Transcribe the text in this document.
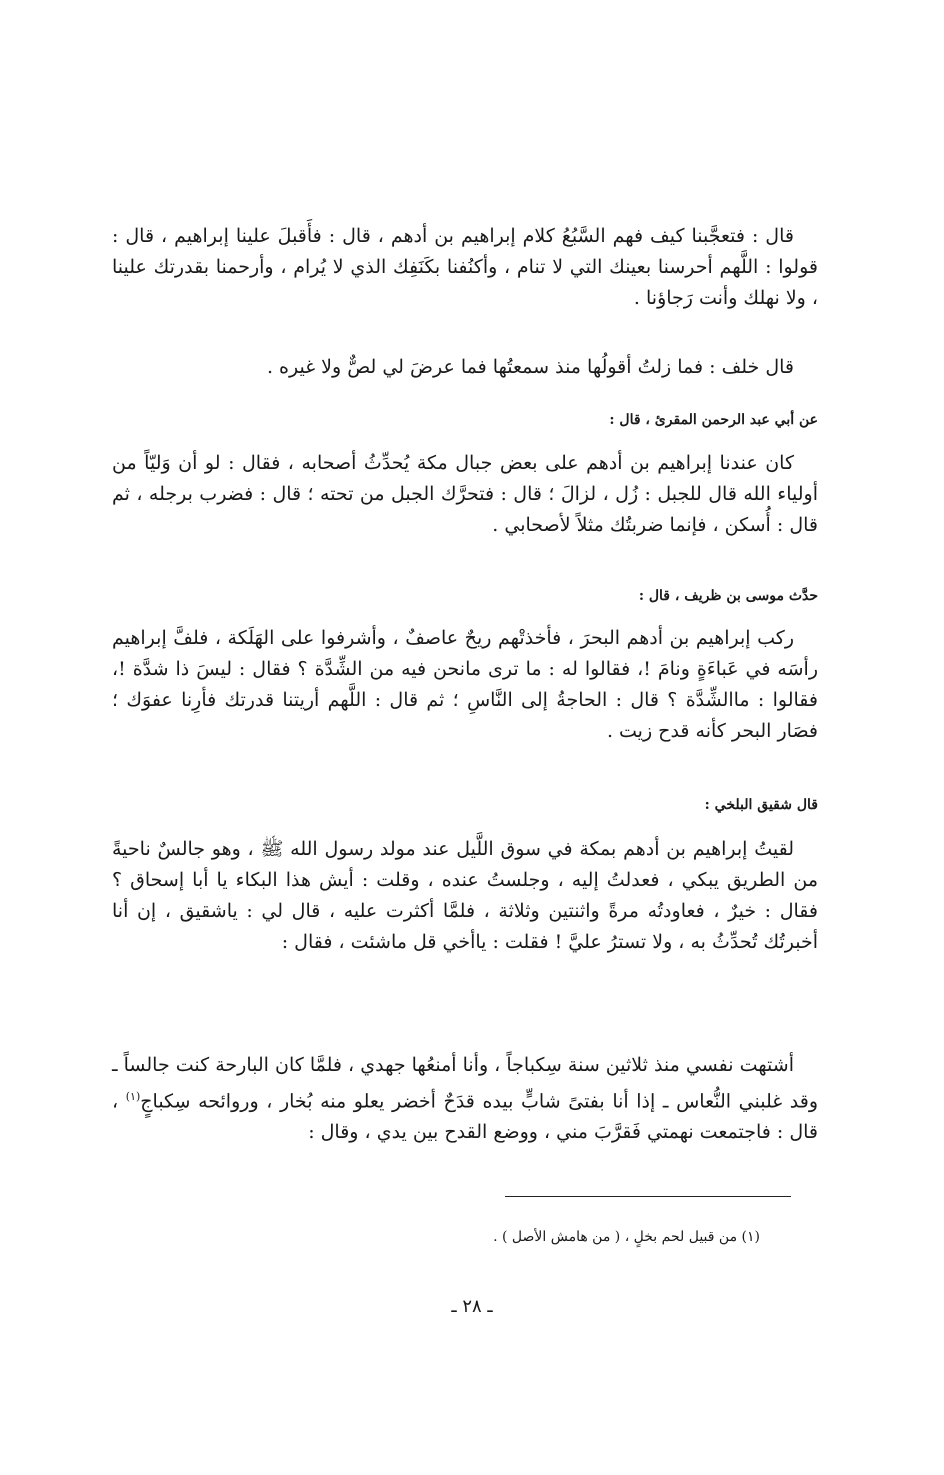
قال : فتعجَّبنا كيف فهم السَّبُعُ كلام إبراهيم بن أدهم ، قال : فأَقبلَ علينا إبراهيم ، قال : قولوا : اللَّهم أحرسنا بعينك التي لا تنام ، وأكنُفنا بكَنَفِك الذي لا يُرام ، وأرحمنا بقدرتك علينا ، ولا نهلك وأنت رَجاؤنا .

قال خلف : فما زلتُ أقولُها منذ سمعتُها فما عرضَ لي لصٌّ ولا غيره .

عن أبي عبد الرحمن المقرئ ، قال :

كان عندنا إبراهيم بن أدهم على بعض جبال مكة يُحدِّثُ أصحابه ، فقال : لو أن وَليّاً من أولياء الله قال للجبل : زُل ، لزالَ ؛ قال : فتحرَّك الجبل من تحته ؛ قال : فضرب برجله ، ثم قال : أُسكن ، فإنما ضربتُك مثلاً لأصحابي .

حدَّث موسى بن ظريف ، قال :

ركب إبراهيم بن أدهم البحرَ ، فأخذتْهم ريحٌ عاصفٌ ، وأشرفوا على الهَلَكة ، فلفَّ إبراهيم رأسَه في عَباءَةٍ ونامَ !، فقالوا له : ما ترى مانحن فيه من الشِّدَّة ؟ فقال : ليسَ ذا شدَّة !، فقالوا : ماالشِّدَّة ؟ قال : الحاجةُ إلى النَّاسِ ؛ ثم قال : اللَّهم أريتنا قدرتك فأرِنا عفوَك ؛ فصَار البحر كأنه قدح زيت .

قال شقيق البلخي :

لقيتُ إبراهيم بن أدهم بمكة في سوق اللَّيل عند مولد رسول الله ﷺ ، وهو جالسٌ ناحيةً من الطريق يبكي ، فعدلتُ إليه ، وجلستُ عنده ، وقلت : أيش هذا البكاء يا أبا إسحاق ؟ فقال : خيرٌ ، فعاودتُه مرةً واثنتين وثلاثة ، فلمَّا أكثرت عليه ، قال لي : ياشقيق ، إن أنا أخبرتُك تُحدِّثُ به ، ولا تسترُ عليَّ ! فقلت : ياأخي قل ماشئت ، فقال :

أشتهت نفسي منذ ثلاثين سنة سِكباجاً ، وأنا أمنعُها جهدي ، فلمَّا كان البارحة كنت جالساً ـ وقد غلبني النُّعاس ـ إذا أنا بفتىً شابٍّ بيده قدَحٌ أخضر يعلو منه بُخار ، وروائحه سِكباجٍ$^{(١)}$ ، قال : فاجتمعت نهمتي فَقرَّبَ مني ، ووضع القدح بين يدي ، وقال :

(١) من قبيل لحم بخلٍ ، ( من هامش الأصل ) .

ـ ٢٨ ـ
